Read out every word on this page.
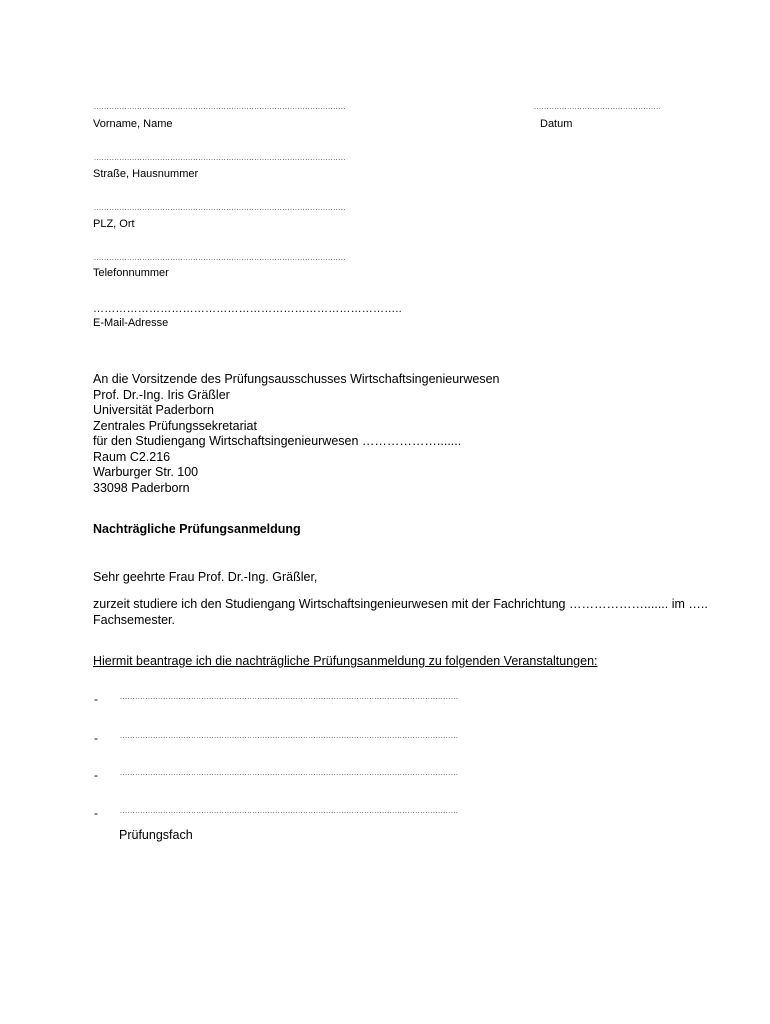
...................................................................................................
Vorname, Name
..................................................
Datum
...................................................................................................
Straße, Hausnummer
...................................................................................................
PLZ, Ort
...................................................................................................
Telefonnummer
………………………………………………………………………..
E-Mail-Adresse
An die Vorsitzende des Prüfungsausschusses Wirtschaftsingenieurwesen
Prof. Dr.-Ing. Iris Gräßler
Universität Paderborn
Zentrales Prüfungssekretariat
für den Studiengang Wirtschaftsingenieurwesen ……………….......
Raum C2.216
Warburger Str. 100
33098 Paderborn
Nachträgliche Prüfungsanmeldung
Sehr geehrte Frau Prof. Dr.-Ing. Gräßler,
zurzeit studiere ich den Studiengang Wirtschaftsingenieurwesen mit der Fachrichtung ………………....... im …..
Fachsemester.
Hiermit beantrage ich die nachträgliche Prüfungsanmeldung zu folgenden Veranstaltungen:
-	.....................................................................................................................................
-	.....................................................................................................................................
-	.....................................................................................................................................
-	.....................................................................................................................................
Prüfungsfach
